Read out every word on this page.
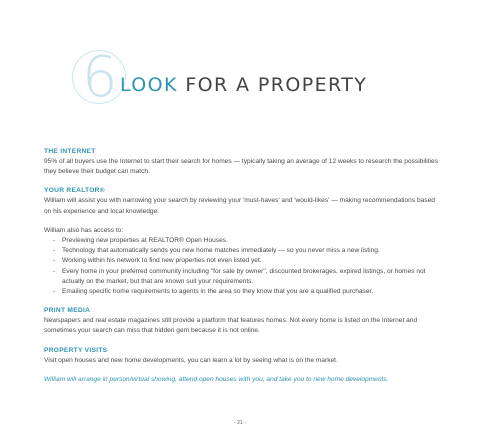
6 LOOK FOR A PROPERTY
THE INTERNET

95% of all buyers use the Internet to start their search for homes — typically taking an average of 12 weeks to research the possibilities they believe their budget can match.

YOUR REALTOR®

William will assist you with narrowing your search by reviewing your 'must-haves' and 'would-likes' — making recommendations based on his experience and local knowledge.

William also has access to:

- Previewing new properties at REALTOR® Open Houses.
- Technology that automatically sends you new home matches immediately — so you never miss a new listing.
- Working within his network to find new properties not even listed yet.
- Every home in your preferred community including "for sale by owner", discounted brokerages, expired listings, or homes not actually on the market, but that are known suit your requirements.
- Emailing specific home requirements to agents in the area so they know that you are a qualified purchaser.
PRINT MEDIA

Newspapers and real estate magazines still provide a platform that features homes. Not every home is listed on the Internet and sometimes your search can miss that hidden gem because it is not online.

PROPERTY VISITS

Visit open houses and new home developments, you can learn a lot by seeing what is on the market.

William will arrange in person/virtual showing, attend open houses with you, and take you to new home developments.

- 21 -
